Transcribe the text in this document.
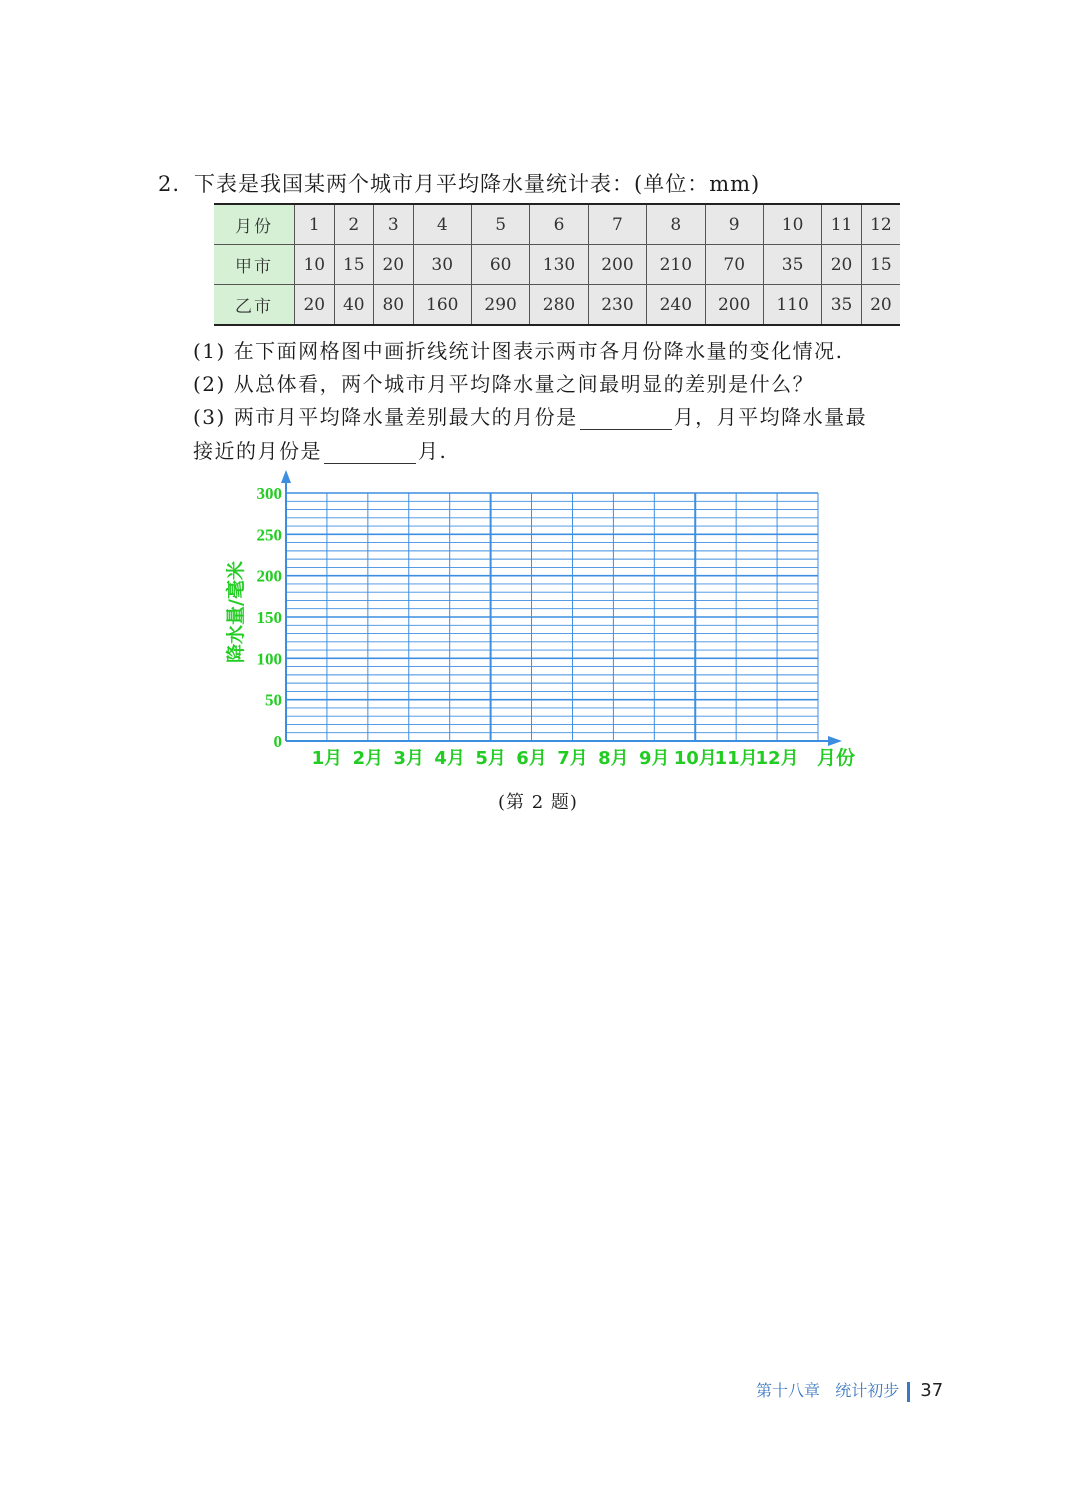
2. 下表是我国某两个城市月平均降水量统计表：(单位：mm)
月份	1	2	3	4	5	6	7	8	9	10	11	12
甲市	10	15	20	30	60	130	200	210	70	35	20	15
乙市	20	40	80	160	290	280	230	240	200	110	35	20
(1) 在下面网格图中画折线统计图表示两市各月份降水量的变化情况.
(2) 从总体看，两个城市月平均降水量之间最明显的差别是什么？
(3) 两市月平均降水量差别最大的月份是	月，月平均降水量最
接近的月份是	月.
0
50
100
150
200
250
300
降水量/毫米
1月 2月 3月 4月 5月 6月 7月 8月 9月 10月
11月
12月 月份
(第 2 题)
第十八章 统计初步 37
